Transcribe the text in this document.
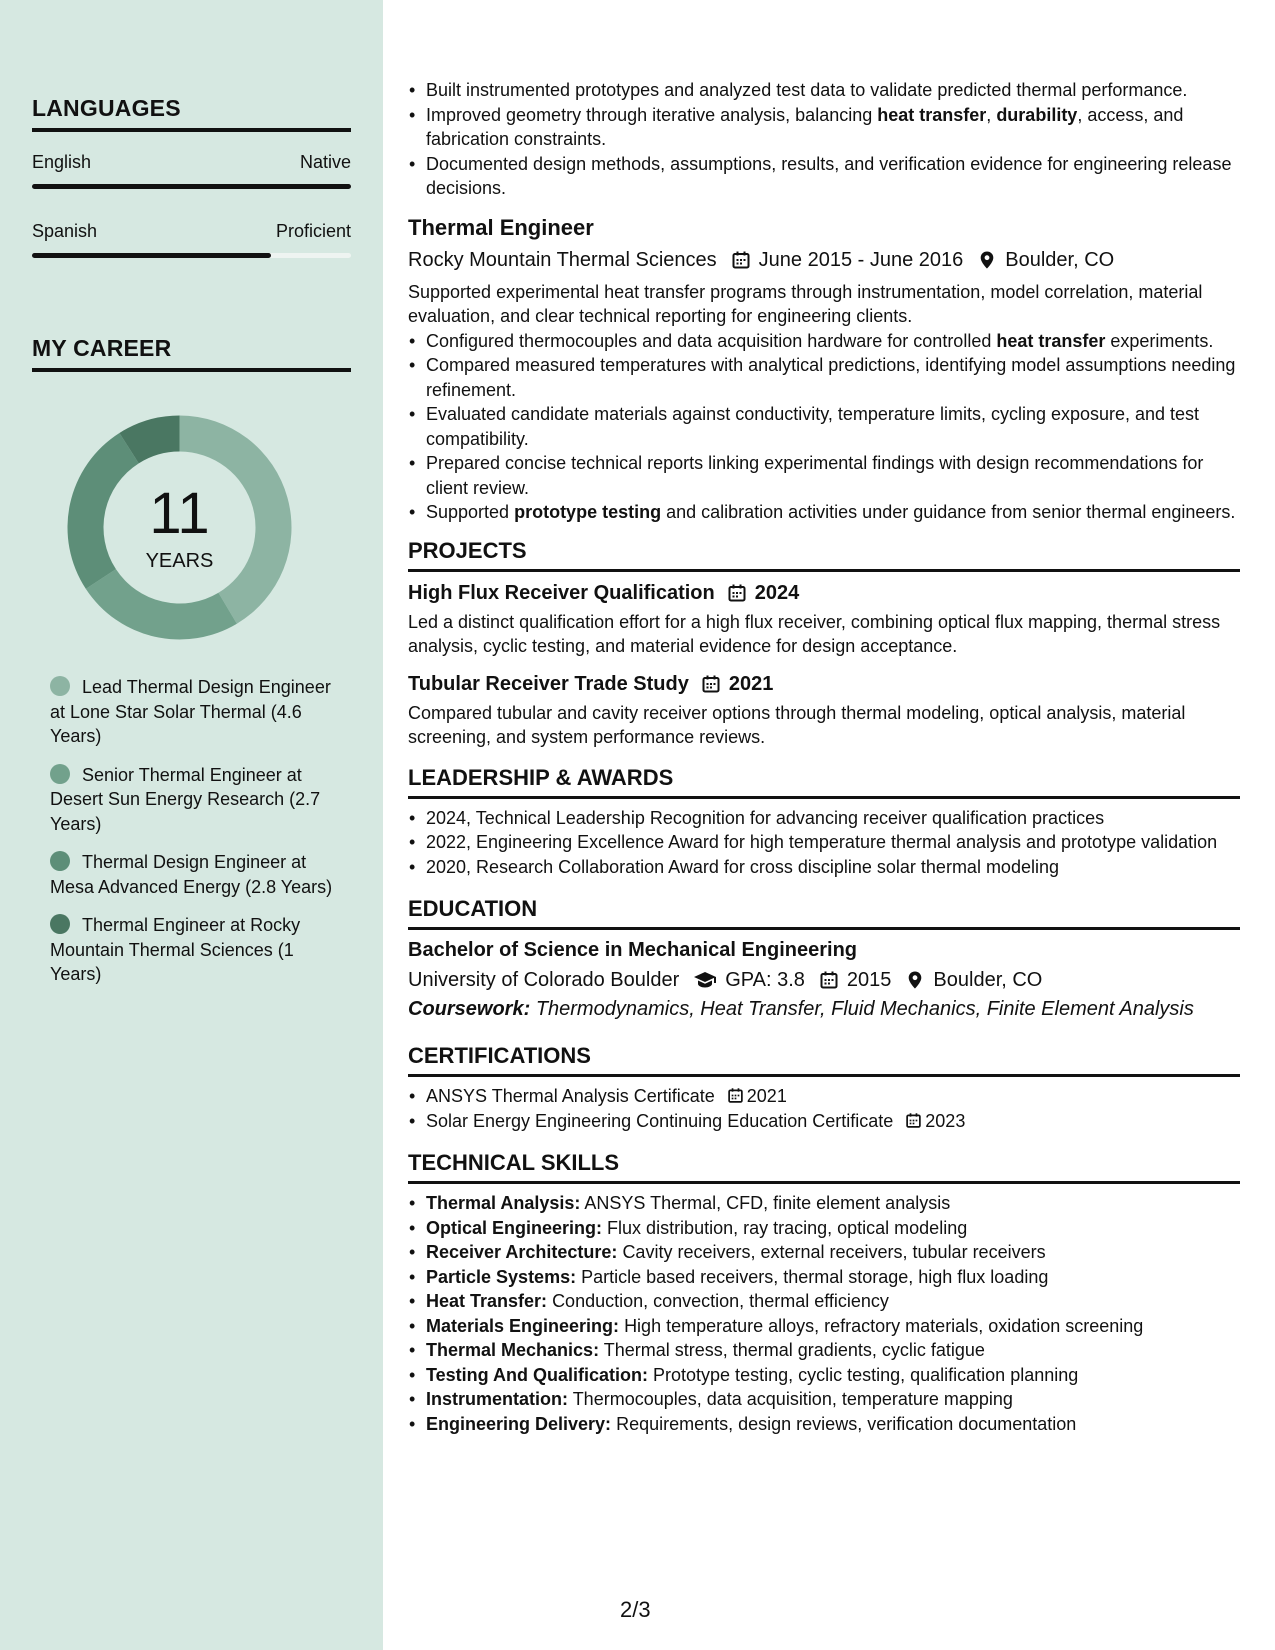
LANGUAGES
English	Native
Spanish	Proficient
MY CAREER
11
YEARS
Lead Thermal Design Engineer at Lone Star Solar Thermal (4.6 Years)
Senior Thermal Engineer at Desert Sun Energy Research (2.7 Years)
Thermal Design Engineer at Mesa Advanced Energy (2.8 Years)
Thermal Engineer at Rocky Mountain Thermal Sciences (1 Years)
• Built instrumented prototypes and analyzed test data to validate predicted thermal performance.
• Improved geometry through iterative analysis, balancing heat transfer, durability, access, and fabrication constraints.
• Documented design methods, assumptions, results, and verification evidence for engineering release decisions.
Thermal Engineer
Rocky Mountain Thermal Sciences June 2015 - June 2016 Boulder, CO
Supported experimental heat transfer programs through instrumentation, model correlation, material evaluation, and clear technical reporting for engineering clients.
• Configured thermocouples and data acquisition hardware for controlled heat transfer experiments.
• Compared measured temperatures with analytical predictions, identifying model assumptions needing refinement.
• Evaluated candidate materials against conductivity, temperature limits, cycling exposure, and test compatibility.
• Prepared concise technical reports linking experimental findings with design recommendations for client review.
• Supported prototype testing and calibration activities under guidance from senior thermal engineers.
PROJECTS
High Flux Receiver Qualification 2024
Led a distinct qualification effort for a high flux receiver, combining optical flux mapping, thermal stress analysis, cyclic testing, and material evidence for design acceptance.
Tubular Receiver Trade Study 2021
Compared tubular and cavity receiver options through thermal modeling, optical analysis, material screening, and system performance reviews.
LEADERSHIP & AWARDS
• 2024, Technical Leadership Recognition for advancing receiver qualification practices
• 2022, Engineering Excellence Award for high temperature thermal analysis and prototype validation
• 2020, Research Collaboration Award for cross discipline solar thermal modeling
EDUCATION
Bachelor of Science in Mechanical Engineering
University of Colorado Boulder GPA: 3.8 2015 Boulder, CO
Coursework: Thermodynamics, Heat Transfer, Fluid Mechanics, Finite Element Analysis
CERTIFICATIONS
• ANSYS Thermal Analysis Certificate 2021
• Solar Energy Engineering Continuing Education Certificate 2023
TECHNICAL SKILLS
• Thermal Analysis: ANSYS Thermal, CFD, finite element analysis
• Optical Engineering: Flux distribution, ray tracing, optical modeling
• Receiver Architecture: Cavity receivers, external receivers, tubular receivers
• Particle Systems: Particle based receivers, thermal storage, high flux loading
• Heat Transfer: Conduction, convection, thermal efficiency
• Materials Engineering: High temperature alloys, refractory materials, oxidation screening
• Thermal Mechanics: Thermal stress, thermal gradients, cyclic fatigue
• Testing And Qualification: Prototype testing, cyclic testing, qualification planning
• Instrumentation: Thermocouples, data acquisition, temperature mapping
• Engineering Delivery: Requirements, design reviews, verification documentation
2/3
